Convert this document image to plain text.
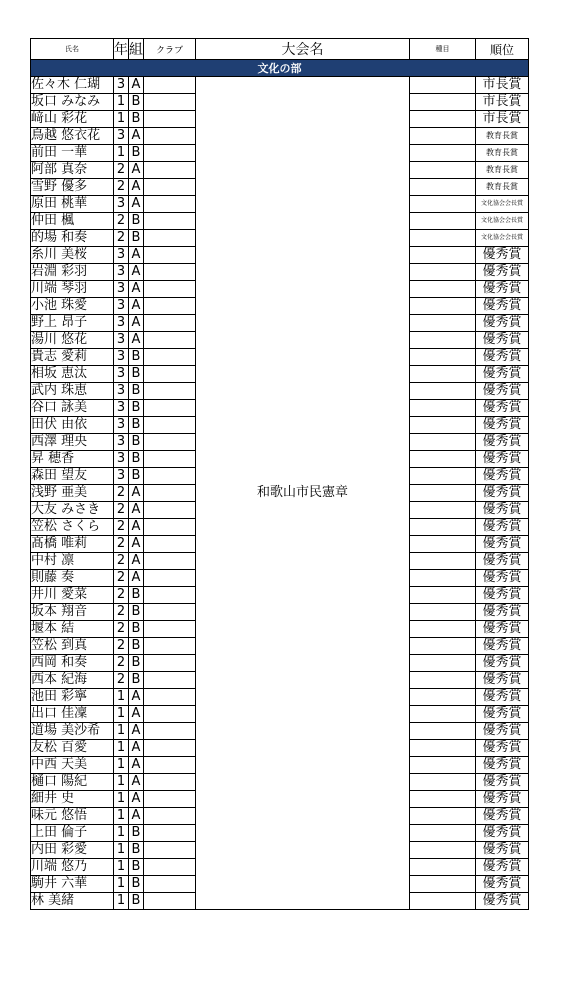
氏名	年	組	クラブ	大会名	種目	順位
文化の部						
佐々木 仁瑚	3	A		和歌山市民憲章		市長賞
坂口 みなみ	1	B				市長賞
﨑山 彩花	1	B				市長賞
鳥越 悠衣花	3	A				教育長賞
前田 一華	1	B				教育長賞
阿部 真奈	2	A				教育長賞
雪野 優多	2	A				教育長賞
原田 桃華	3	A				文化協会会長賞
仲田 楓	2	B				文化協会会長賞
的場 和奏	2	B				文化協会会長賞
糸川 美桜	3	A				優秀賞
岩淵 彩羽	3	A				優秀賞
川端 琴羽	3	A				優秀賞
小池 珠愛	3	A				優秀賞
野上 昂子	3	A				優秀賞
湯川 悠花	3	A				優秀賞
貴志 愛莉	3	B				優秀賞
相坂 恵汰	3	B				優秀賞
武内 珠恵	3	B				優秀賞
谷口 詠美	3	B				優秀賞
田伏 由依	3	B				優秀賞
西澤 理央	3	B				優秀賞
昇 穂香	3	B				優秀賞
森田 望友	3	B				優秀賞
浅野 亜美	2	A				優秀賞
大友 みさき	2	A				優秀賞
笠松 さくら	2	A				優秀賞
髙橋 唯莉	2	A				優秀賞
中村 凛	2	A				優秀賞
則藤 奏	2	A				優秀賞
井川 愛菜	2	B				優秀賞
坂本 翔音	2	B				優秀賞
堰本 結	2	B				優秀賞
笠松 到真	2	B				優秀賞
西岡 和奏	2	B				優秀賞
西本 紀海	2	B				優秀賞
池田 彩寧	1	A				優秀賞
出口 佳凜	1	A				優秀賞
道場 美沙希	1	A				優秀賞
友松 百愛	1	A				優秀賞
中西 天美	1	A				優秀賞
樋口 陽紀	1	A				優秀賞
細井 史	1	A				優秀賞
味元 悠悟	1	A				優秀賞
上田 倫子	1	B				優秀賞
内田 彩愛	1	B				優秀賞
川端 悠乃	1	B				優秀賞
駒井 六華	1	B				優秀賞
林 美緒	1	B				優秀賞
